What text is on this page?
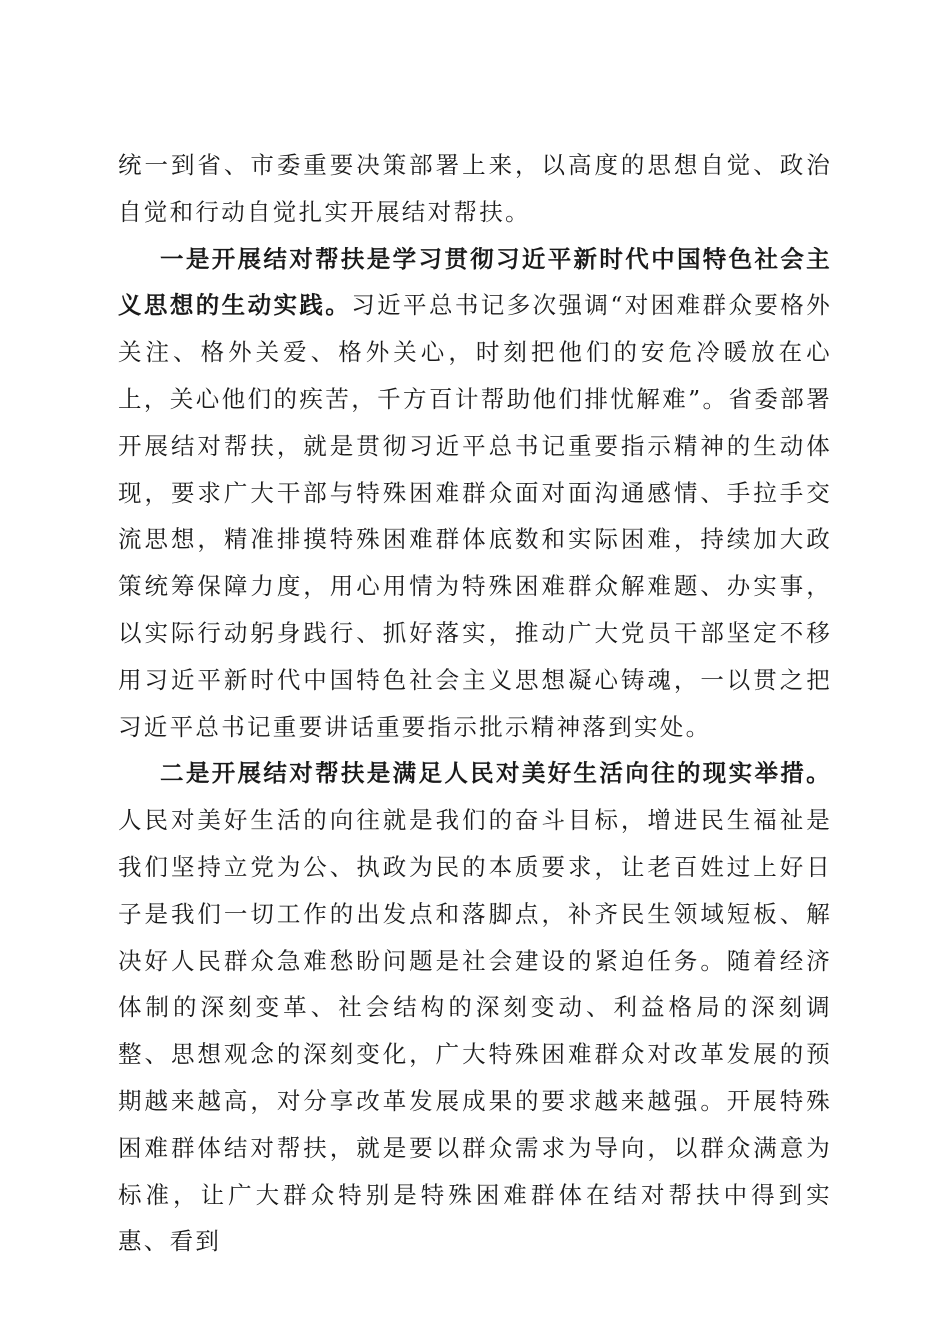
统一到省、市委重要决策部署上来，以高度的思想自觉、政治自觉和行动自觉扎实开展结对帮扶。

一是开展结对帮扶是学习贯彻习近平新时代中国特色社会主义思想的生动实践。习近平总书记多次强调“对困难群众要格外关注、格外关爱、格外关心，时刻把他们的安危冷暖放在心上，关心他们的疾苦，千方百计帮助他们排忧解难”。省委部署开展结对帮扶，就是贯彻习近平总书记重要指示精神的生动体现，要求广大干部与特殊困难群众面对面沟通感情、手拉手交流思想，精准排摸特殊困难群体底数和实际困难，持续加大政策统筹保障力度，用心用情为特殊困难群众解难题、办实事，以实际行动躬身践行、抓好落实，推动广大党员干部坚定不移用习近平新时代中国特色社会主义思想凝心铸魂，一以贯之把习近平总书记重要讲话重要指示批示精神落到实处。

二是开展结对帮扶是满足人民对美好生活向往的现实举措。人民对美好生活的向往就是我们的奋斗目标，增进民生福祉是我们坚持立党为公、执政为民的本质要求，让老百姓过上好日子是我们一切工作的出发点和落脚点，补齐民生领域短板、解决好人民群众急难愁盼问题是社会建设的紧迫任务。随着经济体制的深刻变革、社会结构的深刻变动、利益格局的深刻调整、思想观念的深刻变化，广大特殊困难群众对改革发展的预期越来越高，对分享改革发展成果的要求越来越强。开展特殊困难群体结对帮扶，就是要以群众需求为导向，以群众满意为标准，让广大群众特别是特殊困难群体在结对帮扶中得到实惠、看到
